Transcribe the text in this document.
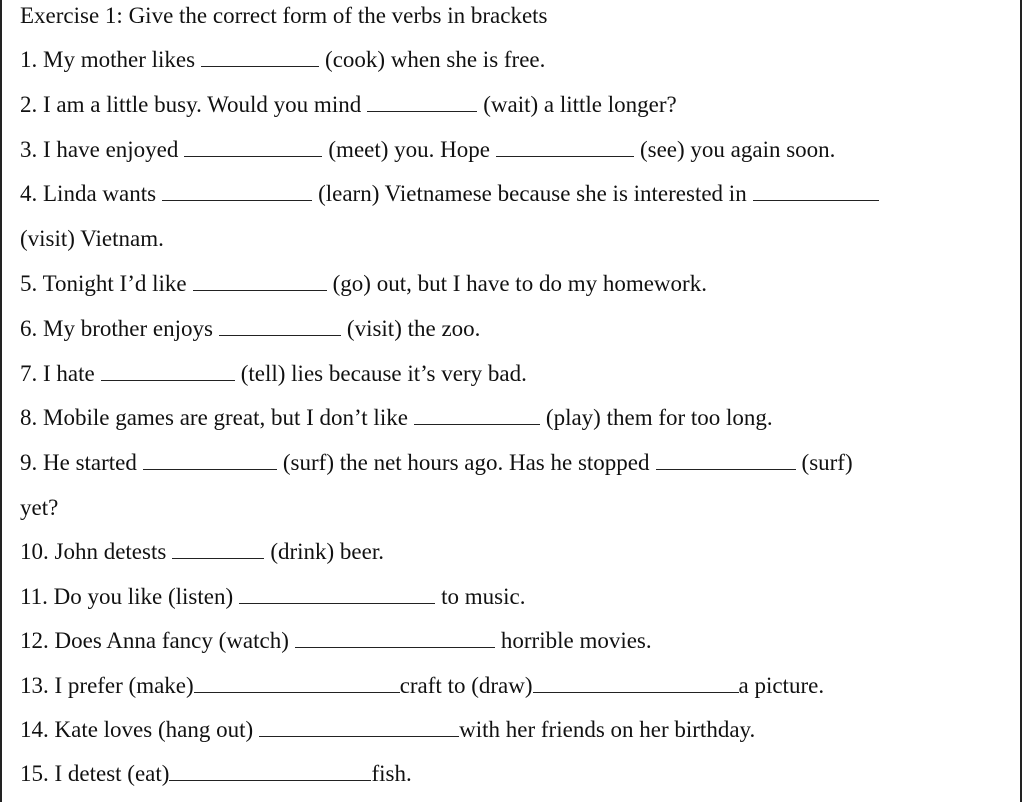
Exercise 1: Give the correct form of the verbs in brackets
1. My mother likes	(cook) when she is free.
2. I am a little busy. Would you mind	(wait) a little longer?
3. I have enjoyed	(meet) you. Hope	(see) you again soon.
4. Linda wants	(learn) Vietnamese because she is interested in
(visit) Vietnam.
5. Tonight I’d like	(go) out, but I have to do my homework.
6. My brother enjoys	(visit) the zoo.
7. I hate	(tell) lies because it’s very bad.
8. Mobile games are great, but I don’t like	(play) them for too long.
9. He started	(surf) the net hours ago. Has he stopped	(surf)
yet?
10. John detests	(drink) beer.
11. Do you like (listen)	to music.
12. Does Anna fancy (watch)	horrible movies.
13. I prefer (make)	craft to (draw)	a picture.
14. Kate loves (hang out)	with her friends on her birthday.
15. I detest (eat)	fish.
